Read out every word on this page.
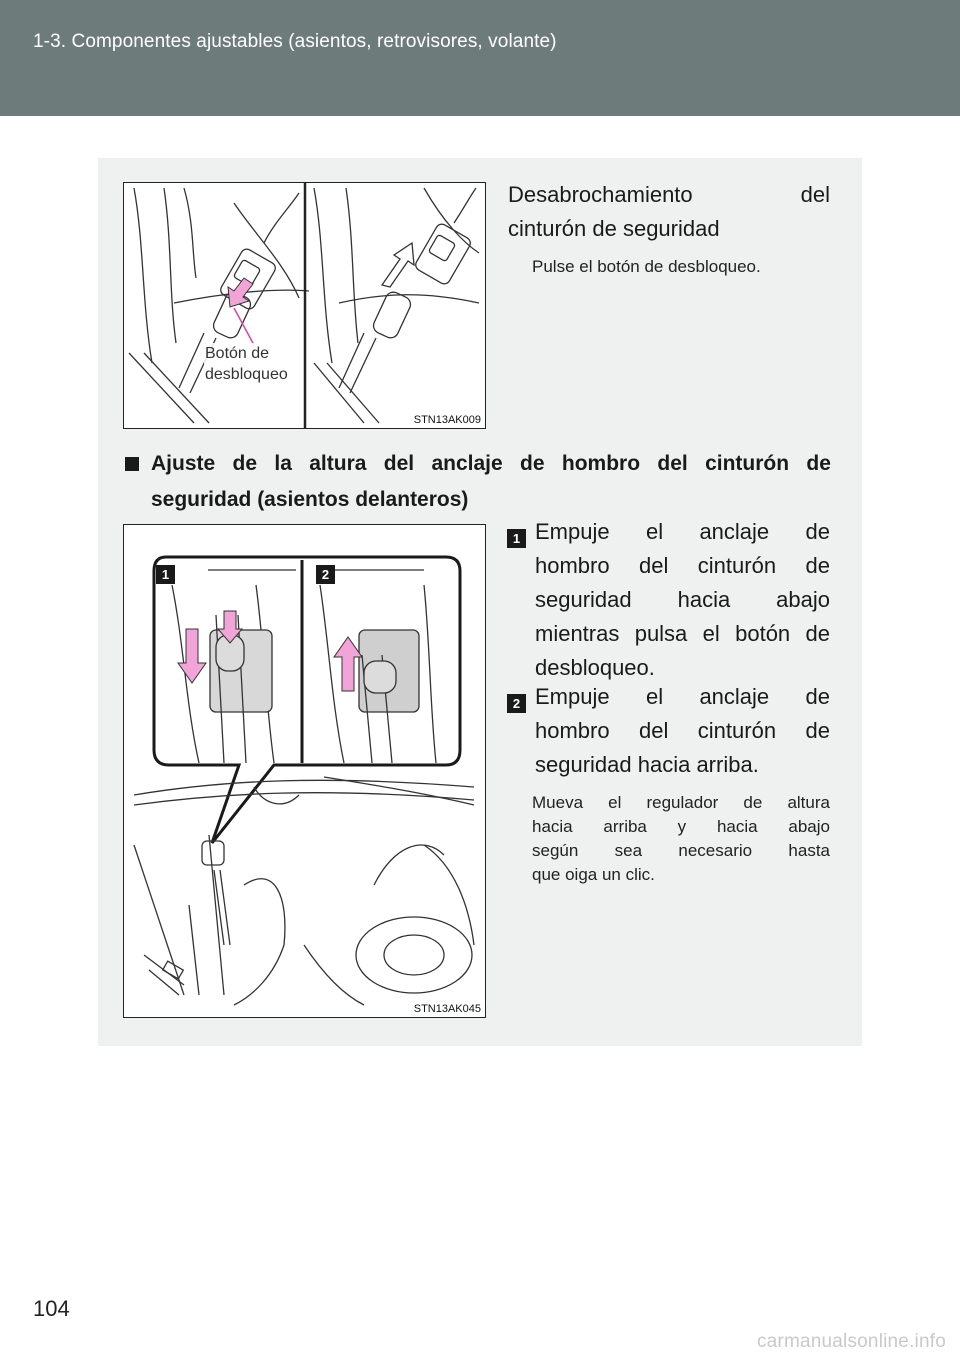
1-3. Componentes ajustables (asientos, retrovisores, volante)
Botón de
desbloqueo
STN13AK009
Desabrochamiento	del
cinturón de seguridad
Pulse el botón de desbloqueo.
Ajuste de la altura del anclaje de hombro del cinturón de
seguridad (asientos delanteros)
1	2
STN13AK045
1 Empuje el anclaje de
hombro del cinturón de
seguridad hacia abajo
mientras pulsa el botón de
desbloqueo.
2 Empuje el anclaje de
hombro del cinturón de
seguridad hacia arriba.
Mueva el regulador de altura
hacia arriba y hacia abajo
según sea necesario hasta
que oiga un clic.
104
carmanualsonline.info
